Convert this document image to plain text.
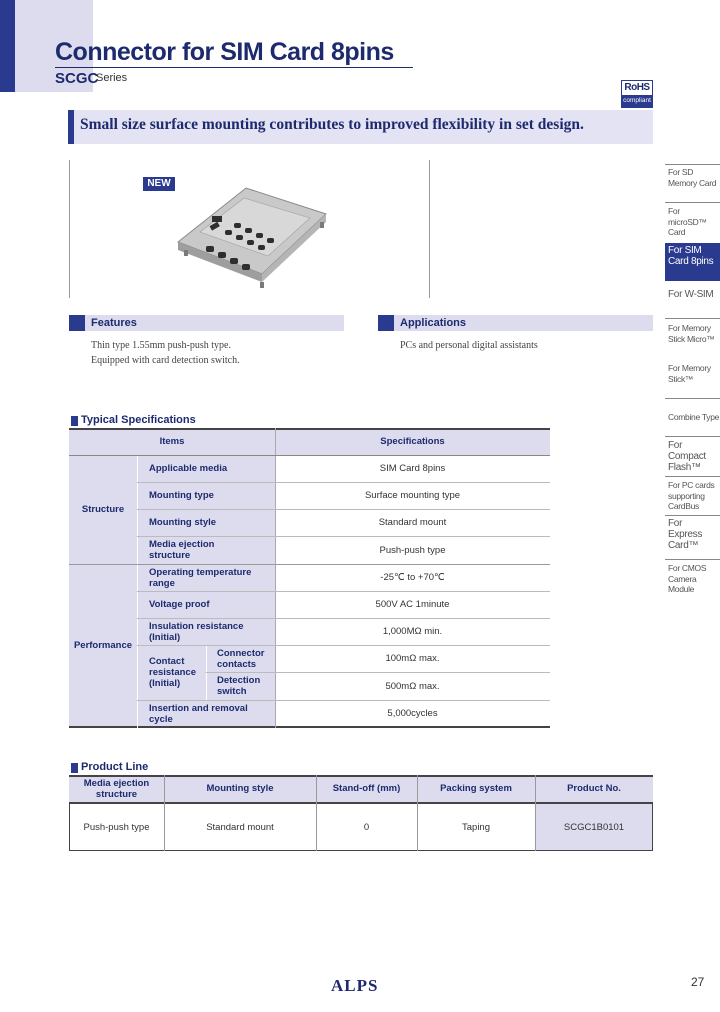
Connector for SIM Card 8pins
SCGC
Series
RoHS
compliant
Small size surface mounting contributes to improved flexibility in set design.
NEW
Features
Thin type 1.55mm push-push type.
Equipped with card detection switch.
Applications
PCs and personal digital assistants
Typical Specifications
Items	Specifications
Structure
Performance
Applicable media	SIM Card 8pins
Mounting type	Surface mounting type
Mounting style	Standard mount
Media ejection structure	Push-push type
Operating temperature range	-25℃ to +70℃
Voltage proof	500V AC 1minute
Insulation resistance (Initial)	1,000MΩ min.
Contact resistance (Initial)
Connector contacts	100mΩ max.
Detection switch	500mΩ max.
Insertion and removal cycle	5,000cycles
Product Line
Media ejection structure	Mounting style	Stand-off (mm)	Packing system	Product No.
Push-push type	Standard mount	0	Taping	SCGC1B0101
For SD Memory Card
For microSD™ Card
For SIM Card 8pins
For W-SIM
For Memory Stick Micro™
For Memory Stick™
Combine Type
For Compact Flash™
For PC cards supporting CardBus
For Express Card™
For CMOS Camera Module
ALPS	27
